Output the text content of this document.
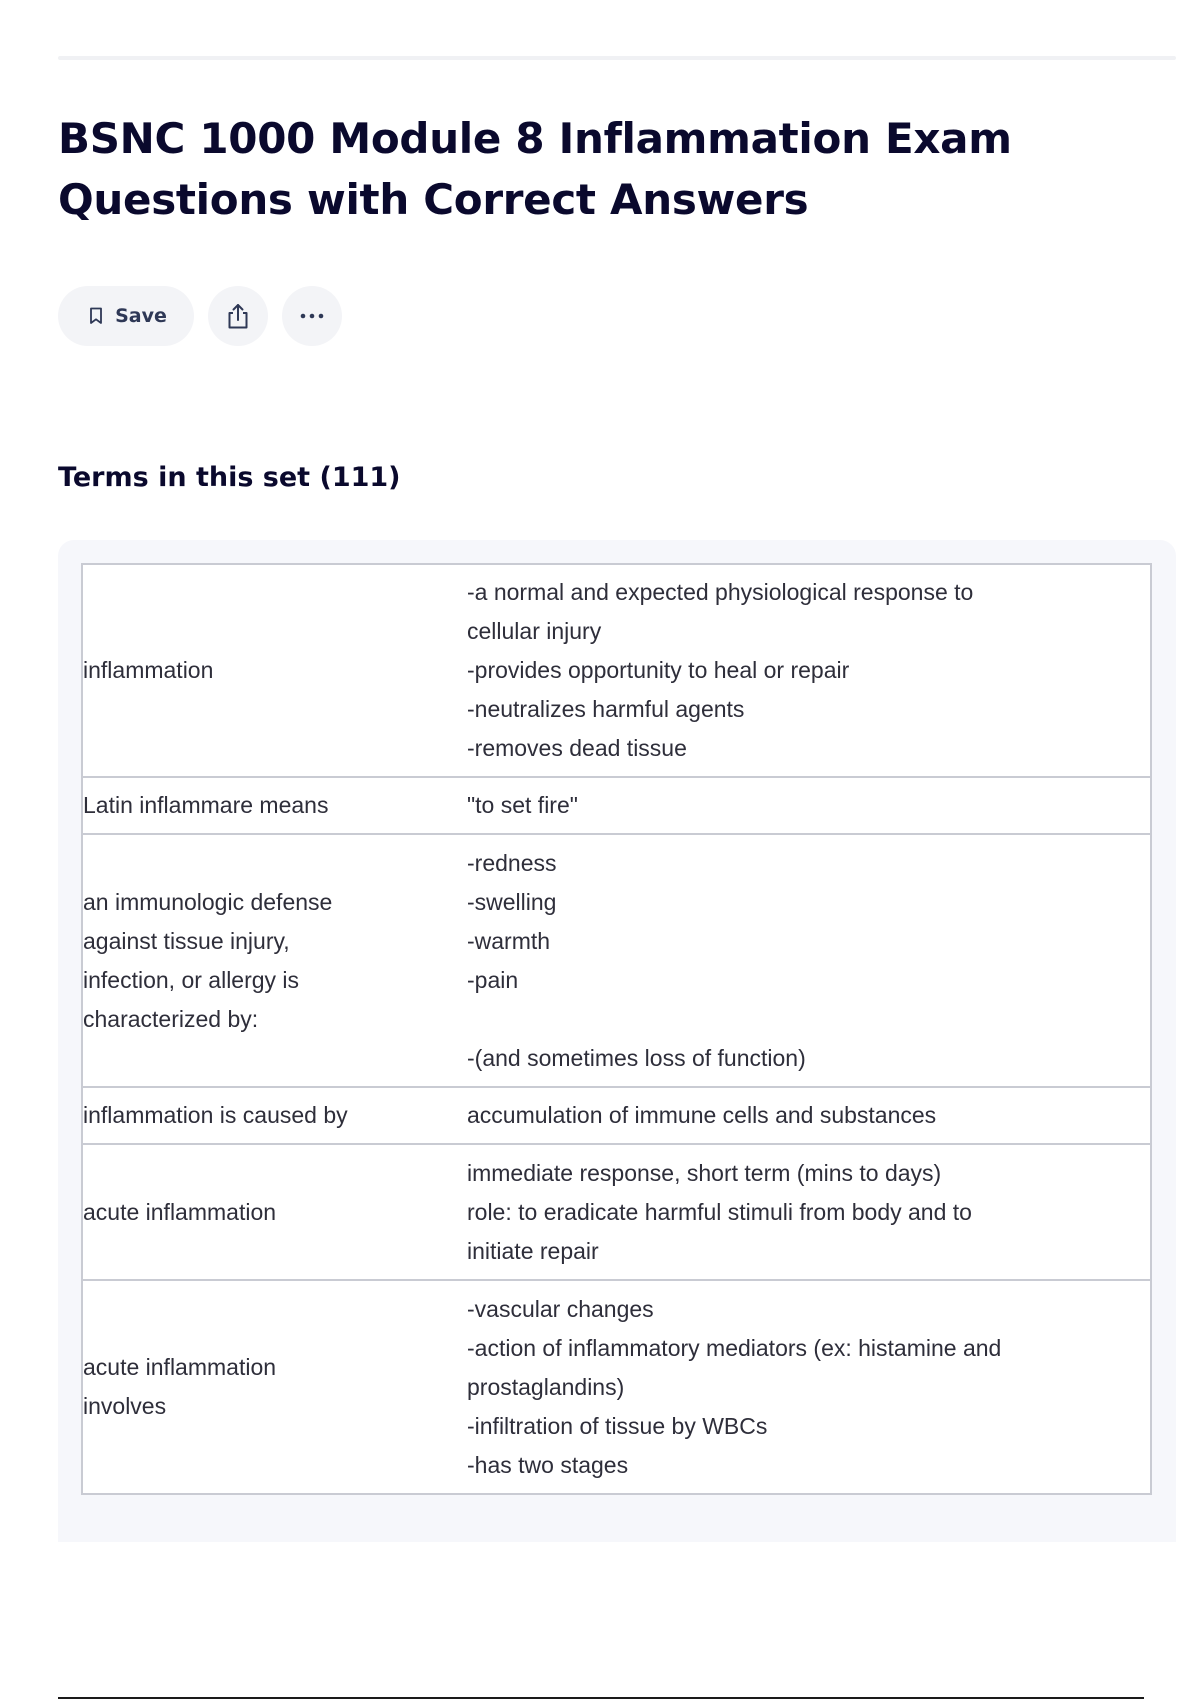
BSNC 1000 Module 8 Inflammation Exam
Questions with Correct Answers
Save
Terms in this set (111)
inflammation	-a normal and expected physiological response to
cellular injury
-provides opportunity to heal or repair
-neutralizes harmful agents
-removes dead tissue

Latin inflammare means	"to set fire"

an immunologic defense
against tissue injury,
infection, or allergy is
characterized by:	-redness
-swelling
-warmth
-pain

-(and sometimes loss of function)

inflammation is caused by	accumulation of immune cells and substances

acute inflammation	immediate response, short term (mins to days)
role: to eradicate harmful stimuli from body and to
initiate repair

acute inflammation
involves	-vascular changes
-action of inflammatory mediators (ex: histamine and
prostaglandins)
-infiltration of tissue by WBCs
-has two stages
